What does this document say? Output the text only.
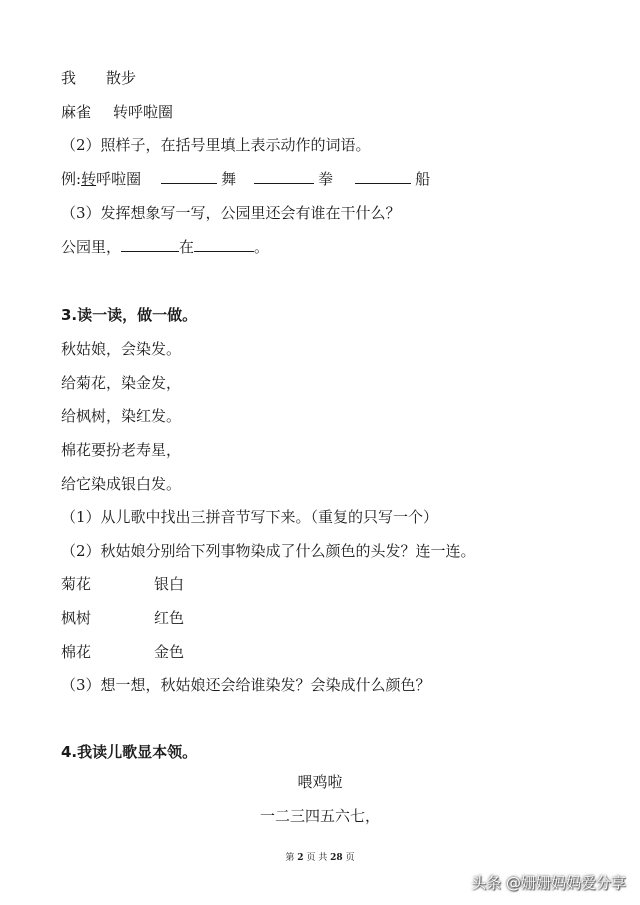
我 散步
麻雀 转呼啦圈
（2）照样子，在括号里填上表示动作的词语。
例:转呼啦圈	舞	拳	船
（3）发挥想象写一写，公园里还会有谁在干什么？
公园里，	在	。
3.读一读，做一做。
秋姑娘，会染发。
给菊花，染金发，
给枫树，染红发。
棉花要扮老寿星，
给它染成银白发。
（1）从儿歌中找出三拼音节写下来。（重复的只写一个）
（2）秋姑娘分别给下列事物染成了什么颜色的头发？连一连。
菊花	银白
枫树	红色
棉花	金色
（3）想一想，秋姑娘还会给谁染发？会染成什么颜色？
4.我读儿歌显本领。
喂鸡啦
一二三四五六七，
第 2 页 共 28 页
头条 @姗姗妈妈爱分享
